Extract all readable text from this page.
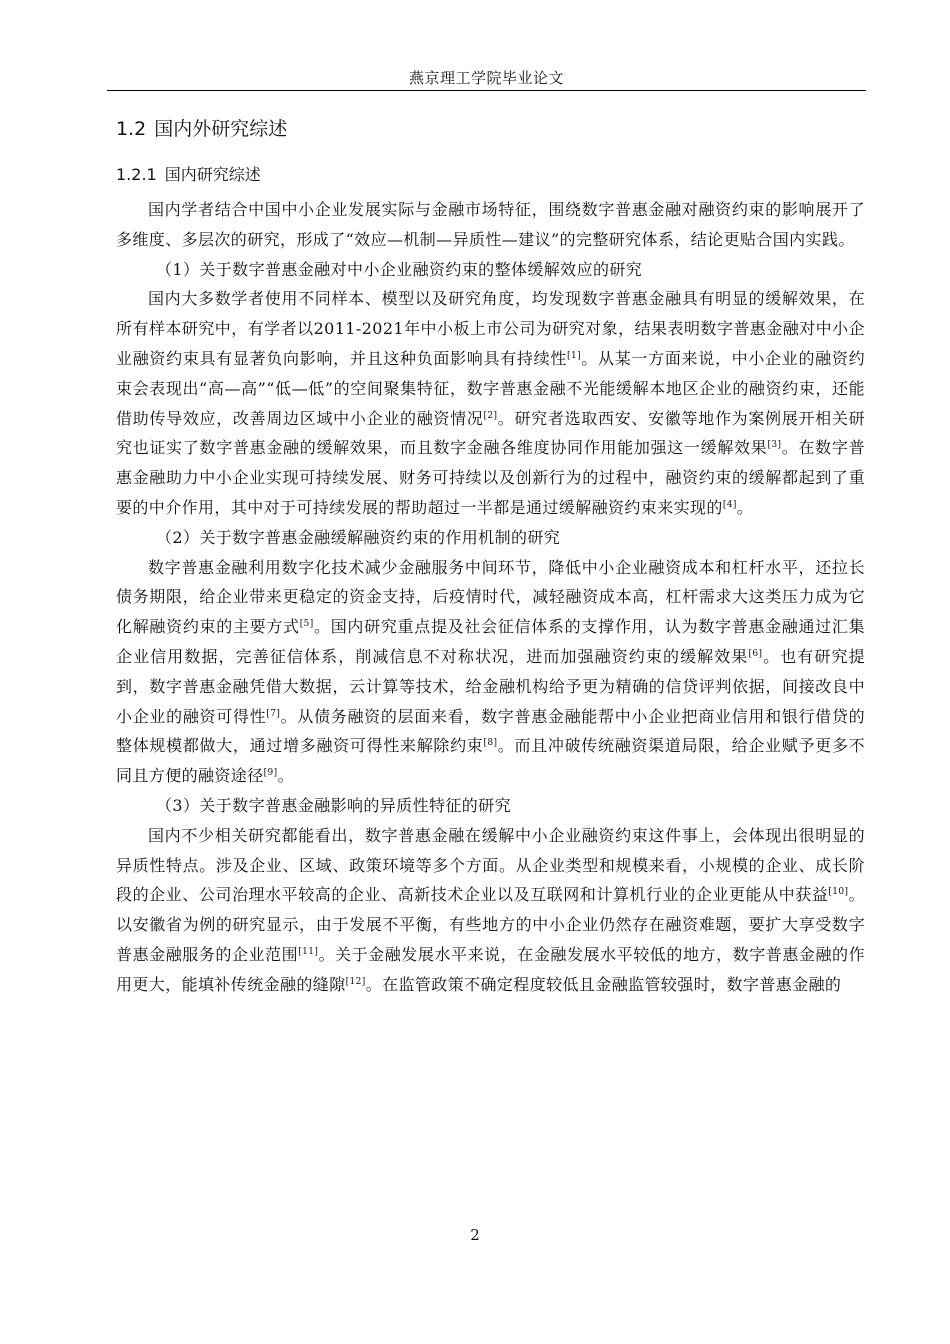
燕京理工学院毕业论文
1.2 国内外研究综述
1.2.1 国内研究综述

国内学者结合中国中小企业发展实际与金融市场特征，围绕数字普惠金融对融资约束的影响展开了多维度、多层次的研究，形成了“效应—机制—异质性—建议”的完整研究体系，结论更贴合国内实践。

（1）关于数字普惠金融对中小企业融资约束的整体缓解效应的研究

国内大多数学者使用不同样本、模型以及研究角度，均发现数字普惠金融具有明显的缓解效果，在所有样本研究中，有学者以2011-2021年中小板上市公司为研究对象，结果表明数字普惠金融对中小企业融资约束具有显著负向影响，并且这种负面影响具有持续性[1]。从某一方面来说，中小企业的融资约束会表现出“高—高”“低—低”的空间聚集特征，数字普惠金融不光能缓解本地区企业的融资约束，还能借助传导效应，改善周边区域中小企业的融资情况[2]。研究者选取西安、安徽等地作为案例展开相关研究也证实了数字普惠金融的缓解效果，而且数字金融各维度协同作用能加强这一缓解效果[3]。在数字普惠金融助力中小企业实现可持续发展、财务可持续以及创新行为的过程中，融资约束的缓解都起到了重要的中介作用，其中对于可持续发展的帮助超过一半都是通过缓解融资约束来实现的[4]。

（2）关于数字普惠金融缓解融资约束的作用机制的研究

数字普惠金融利用数字化技术减少金融服务中间环节，降低中小企业融资成本和杠杆水平，还拉长债务期限，给企业带来更稳定的资金支持，后疫情时代，减轻融资成本高，杠杆需求大这类压力成为它化解融资约束的主要方式[5]。国内研究重点提及社会征信体系的支撑作用，认为数字普惠金融通过汇集企业信用数据，完善征信体系，削减信息不对称状况，进而加强融资约束的缓解效果[6]。也有研究提到，数字普惠金融凭借大数据，云计算等技术，给金融机构给予更为精确的信贷评判依据，间接改良中小企业的融资可得性[7]。从债务融资的层面来看，数字普惠金融能帮中小企业把商业信用和银行借贷的整体规模都做大，通过增多融资可得性来解除约束[8]。而且冲破传统融资渠道局限，给企业赋予更多不同且方便的融资途径[9]。

（3）关于数字普惠金融影响的异质性特征的研究

国内不少相关研究都能看出，数字普惠金融在缓解中小企业融资约束这件事上，会体现出很明显的异质性特点。涉及企业、区域、政策环境等多个方面。从企业类型和规模来看，小规模的企业、成长阶段的企业、公司治理水平较高的企业、高新技术企业以及互联网和计算机行业的企业更能从中获益[10]。以安徽省为例的研究显示，由于发展不平衡，有些地方的中小企业仍然存在融资难题，要扩大享受数字普惠金融服务的企业范围[11]。关于金融发展水平来说，在金融发展水平较低的地方，数字普惠金融的作用更大，能填补传统金融的缝隙[12]。在监管政策不确定程度较低且金融监管较强时，数字普惠金融的

2
